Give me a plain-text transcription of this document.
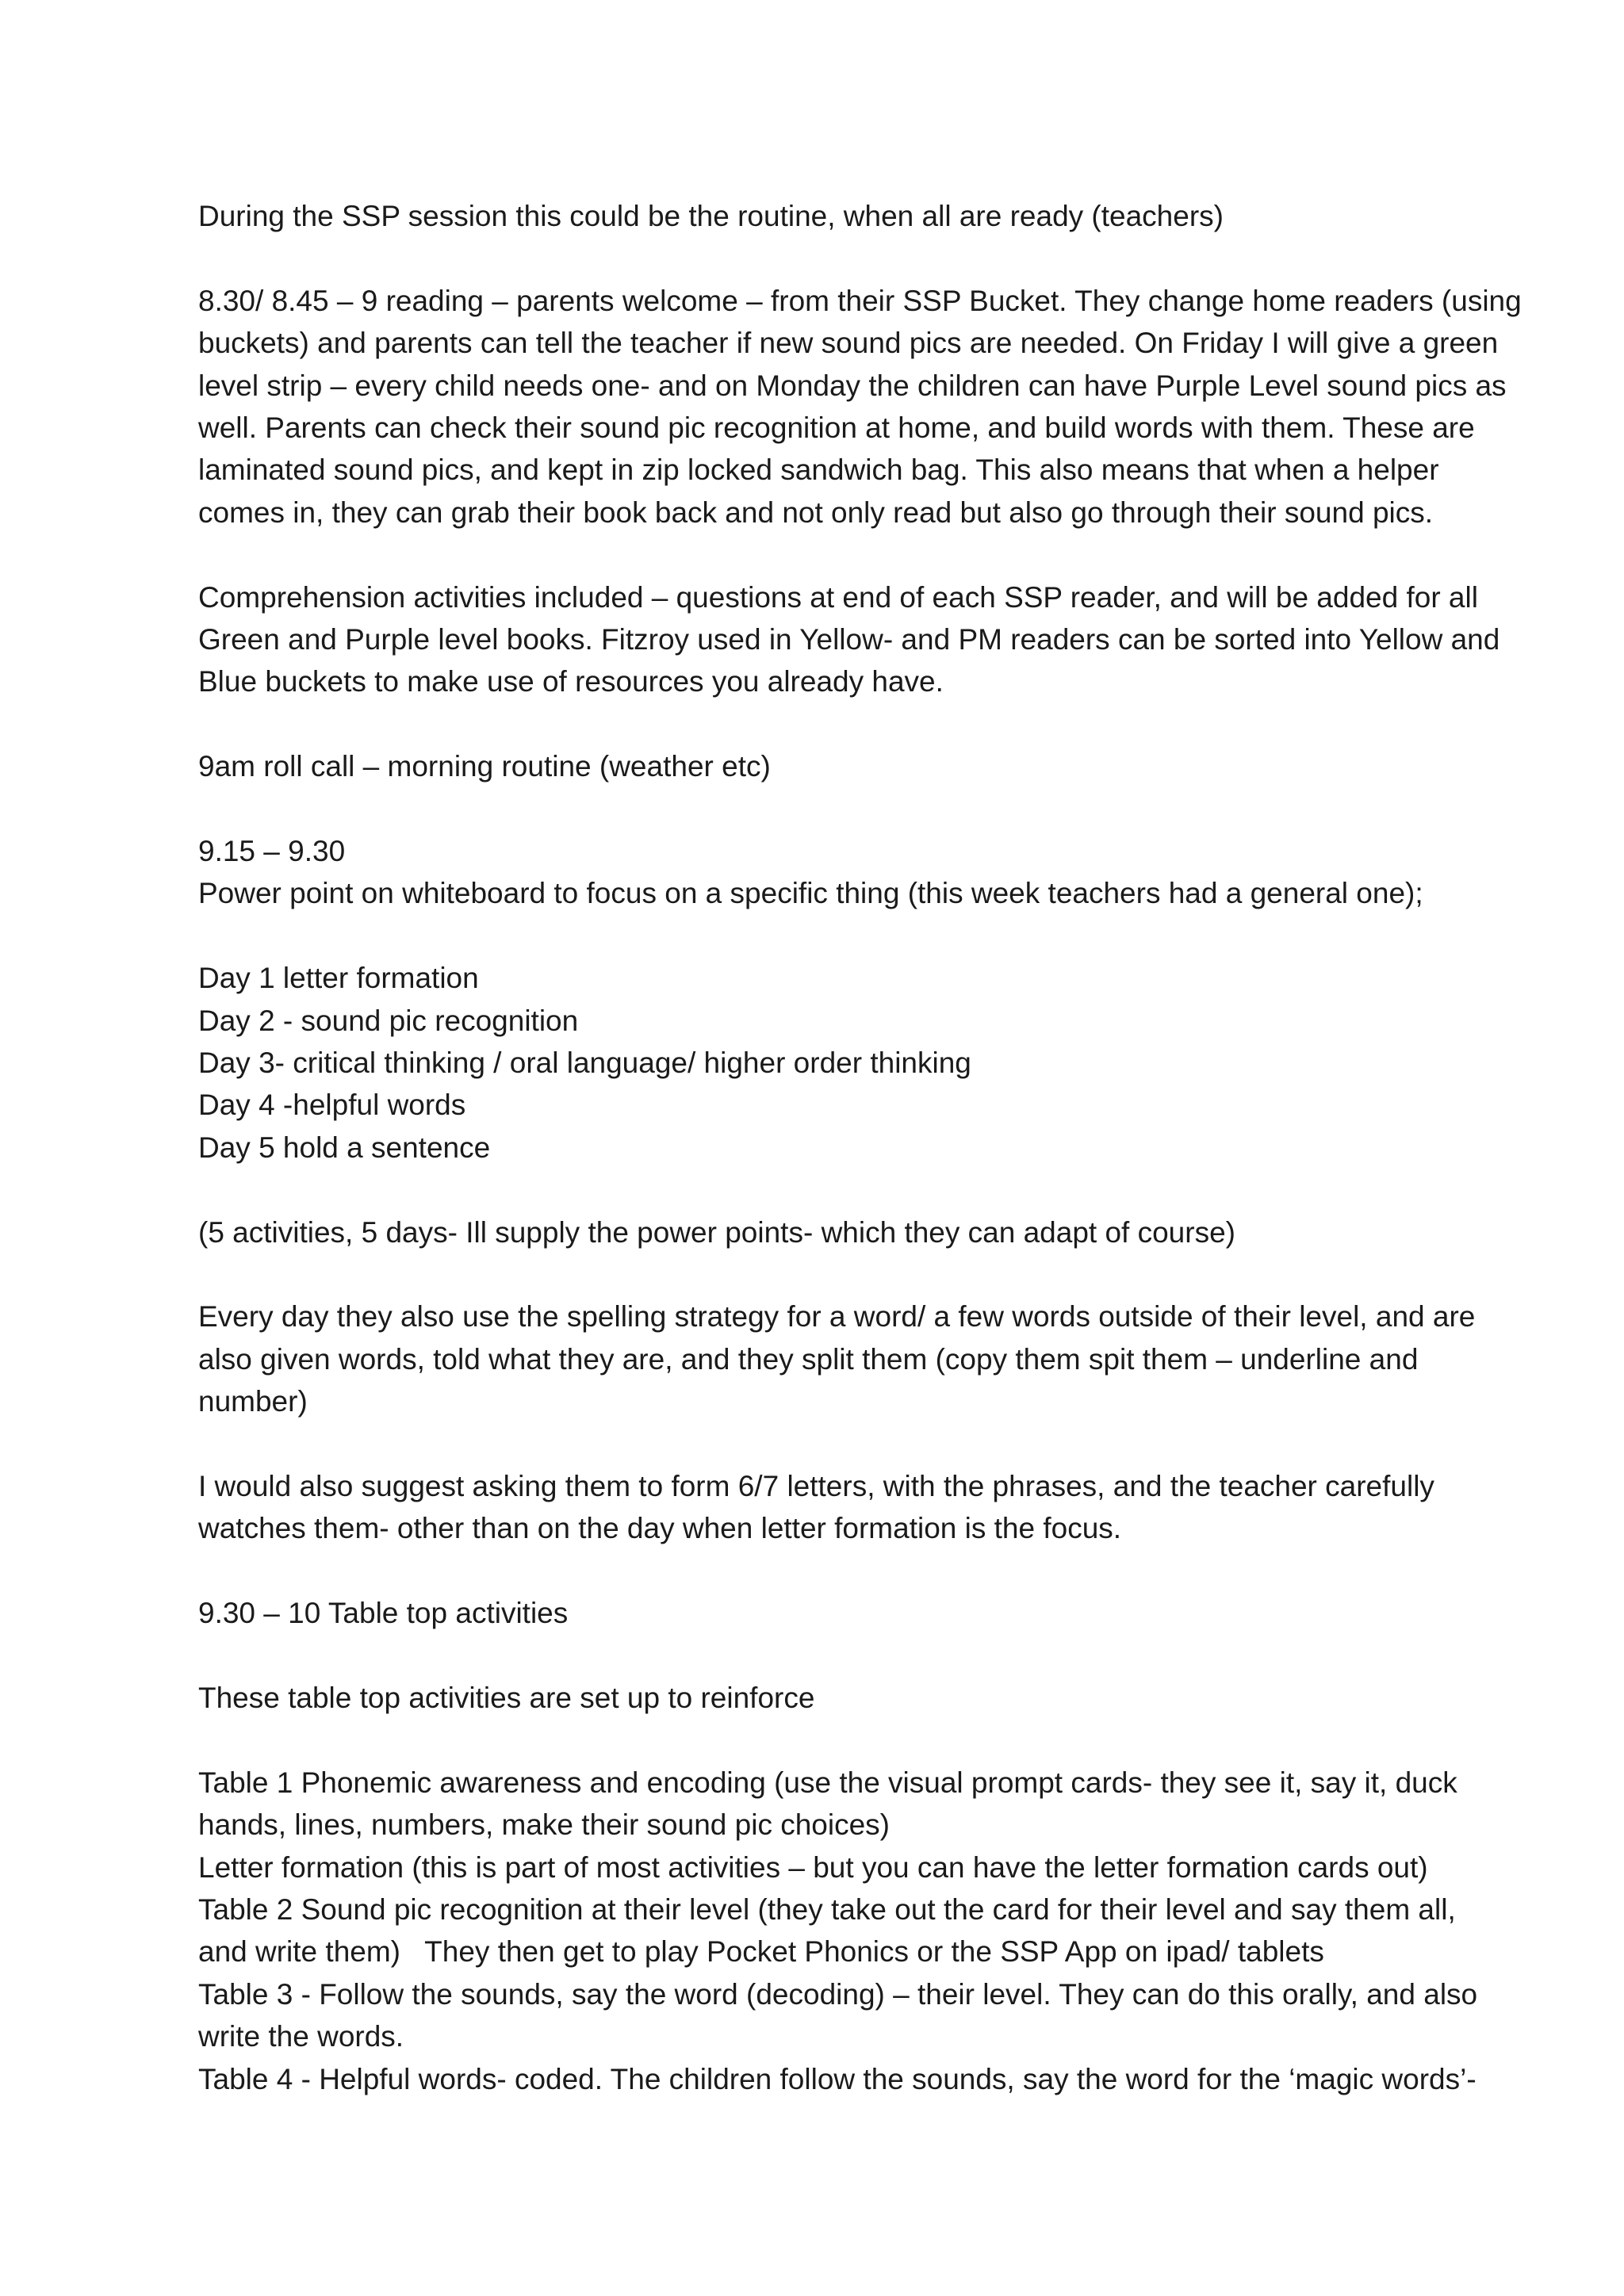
During the SSP session this could be the routine, when all are ready (teachers)
8.30/ 8.45 – 9 reading – parents welcome – from their SSP Bucket. They change home readers (using
buckets) and parents can tell the teacher if new sound pics are needed. On Friday I will give a green
level strip – every child needs one- and on Monday the children can have Purple Level sound pics as
well. Parents can check their sound pic recognition at home, and build words with them. These are
laminated sound pics, and kept in zip locked sandwich bag. This also means that when a helper
comes in, they can grab their book back and not only read but also go through their sound pics.
Comprehension activities included – questions at end of each SSP reader, and will be added for all
Green and Purple level books. Fitzroy used in Yellow- and PM readers can be sorted into Yellow and
Blue buckets to make use of resources you already have.
9am roll call – morning routine (weather etc)
9.15 – 9.30
Power point on whiteboard to focus on a specific thing (this week teachers had a general one);
Day 1 letter formation
Day 2 - sound pic recognition
Day 3- critical thinking / oral language/ higher order thinking
Day 4 -helpful words
Day 5 hold a sentence
(5 activities, 5 days- Ill supply the power points- which they can adapt of course)
Every day they also use the spelling strategy for a word/ a few words outside of their level, and are
also given words, told what they are, and they split them (copy them spit them – underline and
number)
I would also suggest asking them to form 6/7 letters, with the phrases, and the teacher carefully
watches them- other than on the day when letter formation is the focus.
9.30 – 10 Table top activities
These table top activities are set up to reinforce
Table 1 Phonemic awareness and encoding (use the visual prompt cards- they see it, say it, duck
hands, lines, numbers, make their sound pic choices)
Letter formation (this is part of most activities – but you can have the letter formation cards out)
Table 2 Sound pic recognition at their level (they take out the card for their level and say them all,
and write them)   They then get to play Pocket Phonics or the SSP App on ipad/ tablets
Table 3 - Follow the sounds, say the word (decoding) – their level. They can do this orally, and also
write the words.
Table 4 - Helpful words- coded. The children follow the sounds, say the word for the ‘magic words’-
